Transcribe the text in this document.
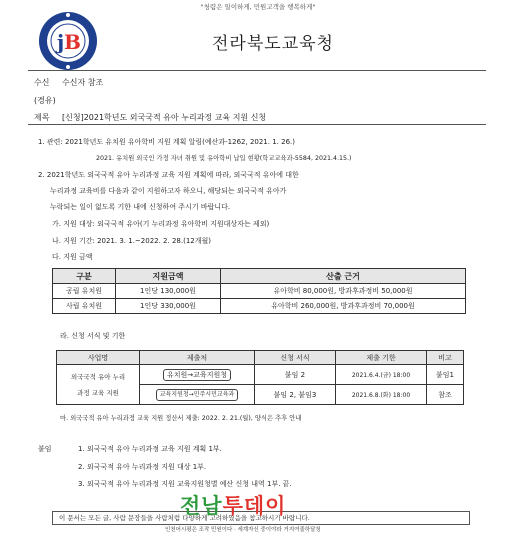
"청렴은 일이하게, 민원고객을 행복하게"
j B	전라북도교육청
수신 수신자 참조
(경유)
제목 [신청]2021학년도 외국국적 유아 누리과정 교육 지원 신청
1. 관련: 2021학년도 유치원 유아학비 지원 계획 알림(예산과-1262, 2021. 1. 26.)
2021. 유치원 외국인 가정 자녀 취원 및 유아학비 납입 현황(학교교육과-5584, 2021.4.15.)
2. 2021학년도 외국국적 유아 누리과정 교육 지원 계획에 따라, 외국국적 유아에 대한
누리과정 교육비를 다음과 같이 지원하고자 하오니, 해당되는 외국국적 유아가
누락되는 일이 없도록 기한 내에 신청하여 주시기 바랍니다.
가. 지원 대상: 외국국적 유아(기 누리과정 유아학비 지원대상자는 제외)
나. 지원 기간: 2021. 3. 1.~2022. 2. 28.(12개월)
다. 지원 금액
구분	지원금액	산출 근거
공립 유치원	1인당 130,000원	유아학비 80,000원, 방과후과정비 50,000원
사립 유치원	1인당 330,000원	유아학비 260,000원, 방과후과정비 70,000원
라. 신청 서식 및 기한
사업명	제출처	신청 서식	제출 기한	비고

외국국적 유아 누리
과정 교육 지원	유치원→교육지원청	붙임 2	2021.6.4.(금) 18:00	붙임1
	교육지원청→민주시민교육과	붙임 2, 붙임3	2021.6.8.(화) 18:00	참조
마. 외국국적 유아 누리과정 교육 지원 정산서 제출: 2022. 2. 21.(월), 양식은 추후 안내
붙임	1. 외국국적 유아 누리과정 교육 지원 계획 1부.
2. 외국국적 유아 누리과정 지원 대상 1부.
3. 외국국적 유아 누리과정 지원 교육지원청별 예산 신청 내역 1부. 끝.
이 문서는 모든 글, 사람 문장들을 사람처럼 다양하게 고려하였음을 참고하시기 바랍니다.
전남투데이
인천어시평은 조작 민원이다 · 세계자신 중이야라 거지여줄하달청
